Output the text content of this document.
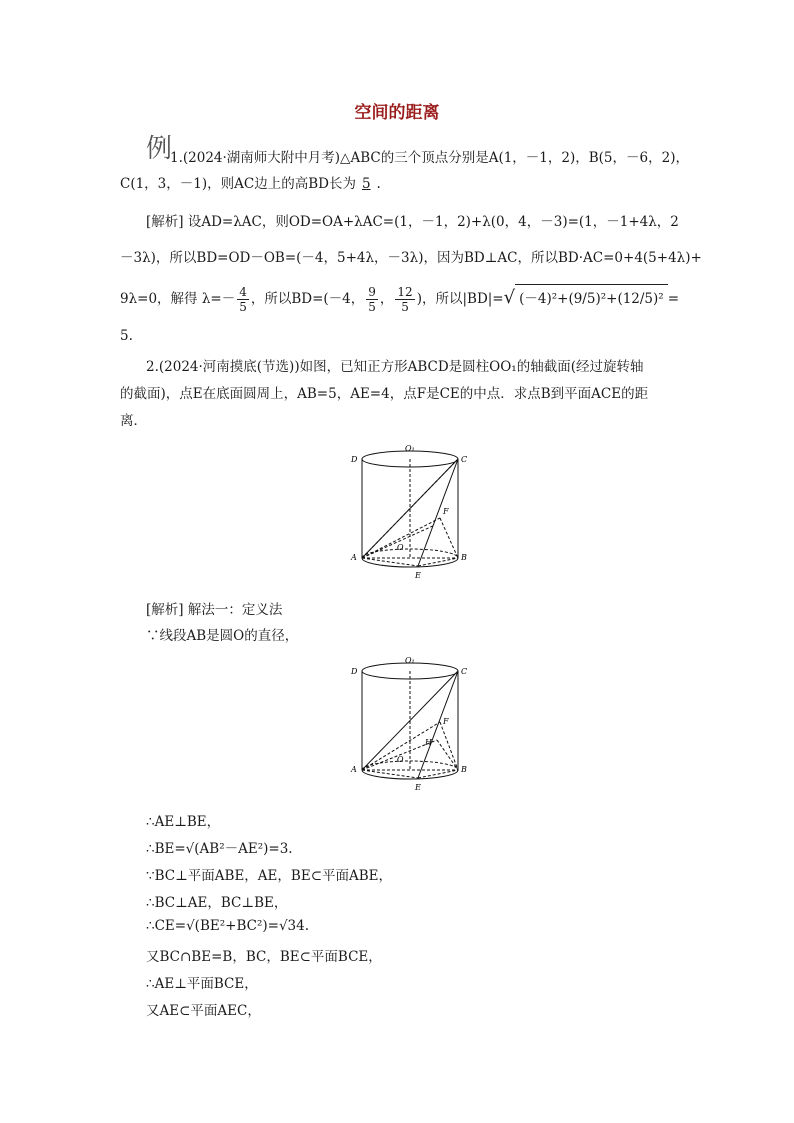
空间的距离
例
1.(2024·湖南师大附中月考)△ABC的三个顶点分别是A(1，－1，2)，B(5，－6，2)，
C(1，3，－1)，则AC边上的高BD长为 5 .
[解析] 设AD=λAC，则OD=OA+λAC=(1，－1，2)+λ(0，4，－3)=(1，－1+4λ，2
－3λ)，所以BD=OD－OB=(－4，5+4λ，－3λ)，因为BD⊥AC，所以BD·AC=0+4(5+4λ)+
9λ=0，解得 $\lambda=- \frac{4}{5}$ ，所以BD=(－4， $\frac{9}{5}$ ， $\frac{12}{5}$ )，所以|BD|=√ (－4)²+(9/5)²+(12/5)² =
5.
2.(2024·河南摸底(节选))如图，已知正方形ABCD是圆柱OO₁的轴截面(经过旋转轴
的截面)，点E在底面圆周上，AB=5，AE=4，点F是CE的中点．求点B到平面ACE的距
离．
D	C
O₁
F
O
A	B
E
[解析] 解法一：定义法
∵线段AB是圆O的直径，
D	C
O₁
F
H
O
A	B
E
∴AE⊥BE，
∴BE=√(AB²－AE²)=3.
∵BC⊥平面ABE，AE，BE⊂平面ABE，
∴BC⊥AE，BC⊥BE，
∴CE=√(BE²+BC²)=√34.
又BC∩BE=B，BC，BE⊂平面BCE，
∴AE⊥平面BCE，
又AE⊂平面AEC，
